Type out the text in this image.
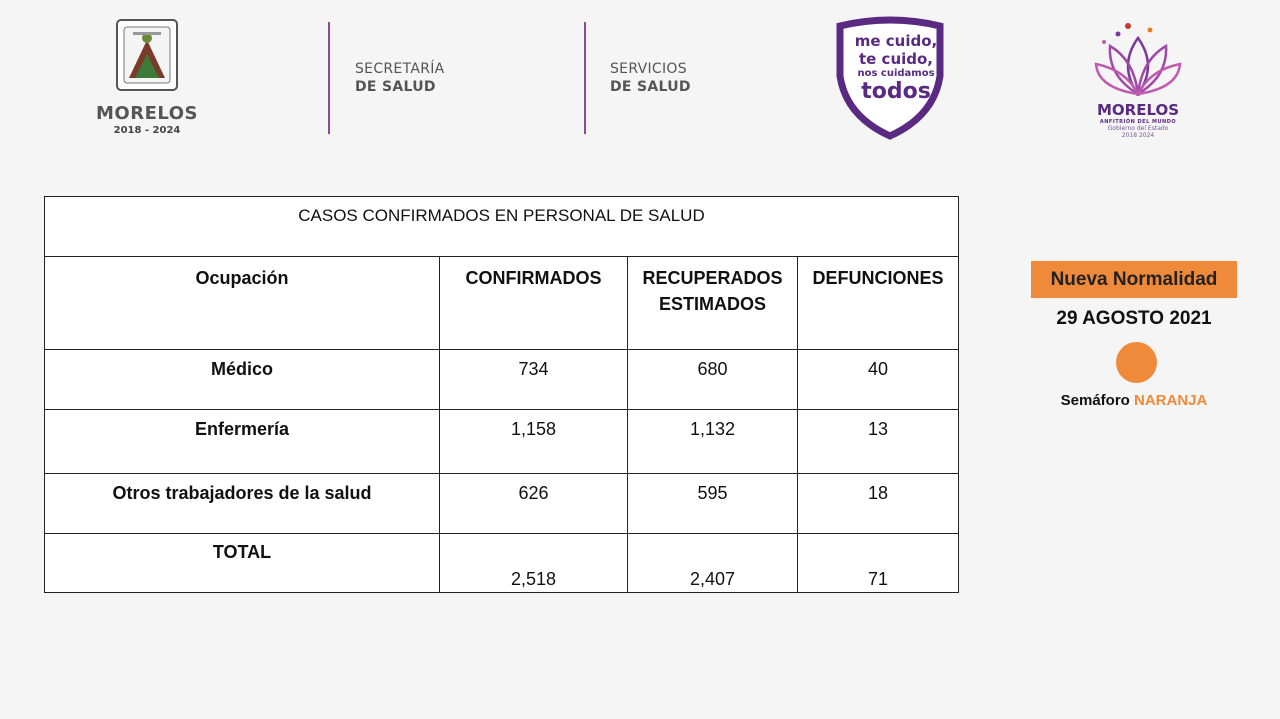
MORELOS
2018 - 2024
SECRETARÍA
DE SALUD
SERVICIOS
DE SALUD
me cuido,
te cuido,
nos cuidamos
todos
MORELOS
ANFITRIÓN DEL MUNDO
Gobierno del Estado
2018 2024
CASOS CONFIRMADOS EN PERSONAL DE SALUD			
Ocupación	CONFIRMADOS	RECUPERADOS ESTIMADOS	DEFUNCIONES
Médico	734	680	40
Enfermería	1,158	1,132	13
Otros trabajadores de la salud	626	595	18
TOTAL	2,518	2,407	71
Nueva Normalidad
29 AGOSTO 2021
Semáforo NARANJA
